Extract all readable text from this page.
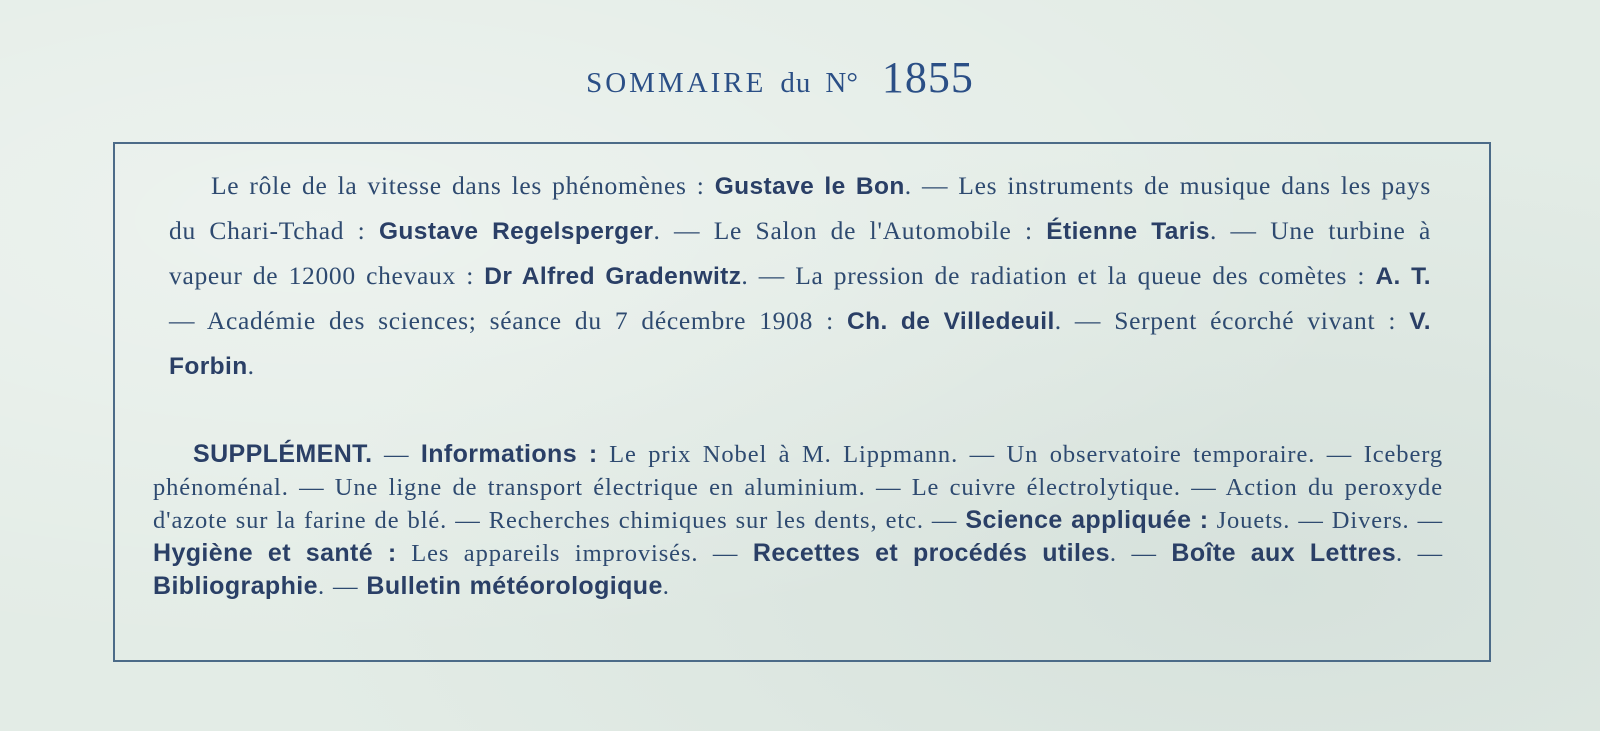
SOMMAIRE du N° 1855
Le rôle de la vitesse dans les phénomènes : Gustave le Bon. — Les instruments de musique dans les pays du Chari-Tchad : Gustave Regelsperger. — Le Salon de l'Automobile : Étienne Taris. — Une turbine à vapeur de 12000 chevaux : Dr Alfred Gradenwitz. — La pression de radiation et la queue des comètes : A. T. — Académie des sciences; séance du 7 décembre 1908 : Ch. de Villedeuil. — Serpent écorché vivant : V. Forbin.
SUPPLÉMENT. — Informations : Le prix Nobel à M. Lippmann. — Un observatoire temporaire. — Iceberg phénoménal. — Une ligne de transport électrique en aluminium. — Le cuivre électrolytique. — Action du peroxyde d'azote sur la farine de blé. — Recherches chimiques sur les dents, etc. — Science appliquée : Jouets. — Divers. — Hygiène et santé : Les appareils improvisés. — Recettes et procédés utiles. — Boîte aux Lettres. — Bibliographie. — Bulletin météorologique.
